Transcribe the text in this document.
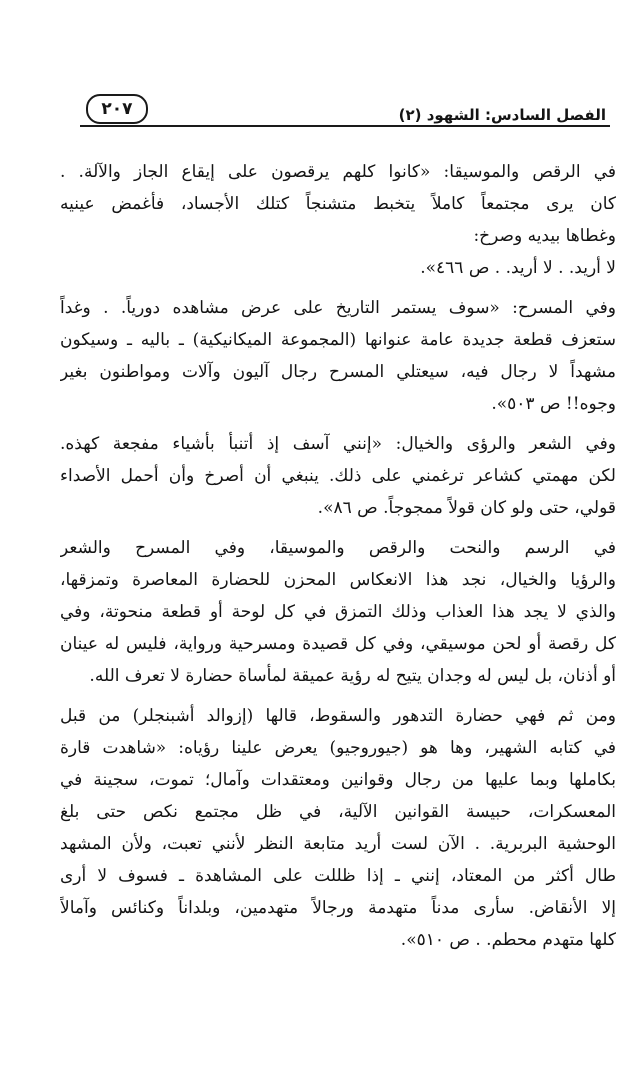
الفصل السادس: الشهود (٢)
٢٠٧
في الرقص والموسيقا: «كانوا كلهم يرقصون على إيقاع الجاز والآلة. .
كان يرى مجتمعاً كاملاً يتخبط متشنجاً كتلك الأجساد، فأغمض عينيه
وغطاها بيديه وصرخ:
لا أريد. . لا أريد. . ص ٤٦٦».
وفي المسرح: «سوف يستمر التاريخ على عرض مشاهده دورياً. . وغداً
ستعزف قطعة جديدة عامة عنوانها (المجموعة الميكانيكية) ـ باليه ـ وسيكون
مشهداً لا رجال فيه، سيعتلي المسرح رجال آليون وآلات ومواطنون بغير
وجوه!! ص ٥٠٣».
وفي الشعر والرؤى والخيال: «إنني آسف إذ أتنبأ بأشياء مفجعة كهذه.
لكن مهمتي كشاعر ترغمني على ذلك. ينبغي أن أصرخ وأن أحمل الأصداء
قولي، حتى ولو كان قولاً ممجوجاً. ص ٨٦».
في الرسم والنحت والرقص والموسيقا، وفي المسرح والشعر
والرؤيا والخيال، نجد هذا الانعكاس المحزن للحضارة المعاصرة وتمزقها،
والذي لا يجد هذا العذاب وذلك التمزق في كل لوحة أو قطعة منحوتة، وفي
كل رقصة أو لحن موسيقي، وفي كل قصيدة ومسرحية ورواية، فليس له عينان
أو أذنان، بل ليس له وجدان يتيح له رؤية عميقة لمأساة حضارة لا تعرف الله.
ومن ثم فهي حضارة التدهور والسقوط، قالها (إزوالد أشبنجلر) من قبل
في كتابه الشهير، وها هو (جيوروجيو) يعرض علينا رؤياه: «شاهدت قارة
بكاملها وبما عليها من رجال وقوانين ومعتقدات وآمال؛ تموت، سجينة في
المعسكرات، حبيسة القوانين الآلية، في ظل مجتمع نكص حتى بلغ
الوحشية البربرية. . الآن لست أريد متابعة النظر لأنني تعبت، ولأن المشهد
طال أكثر من المعتاد، إنني ـ إذا ظللت على المشاهدة ـ فسوف لا أرى
إلا الأنقاض. سأرى مدناً متهدمة ورجالاً متهدمين، وبلداناً وكنائس وآمالاً
كلها متهدم محطم. . ص ٥١٠».
